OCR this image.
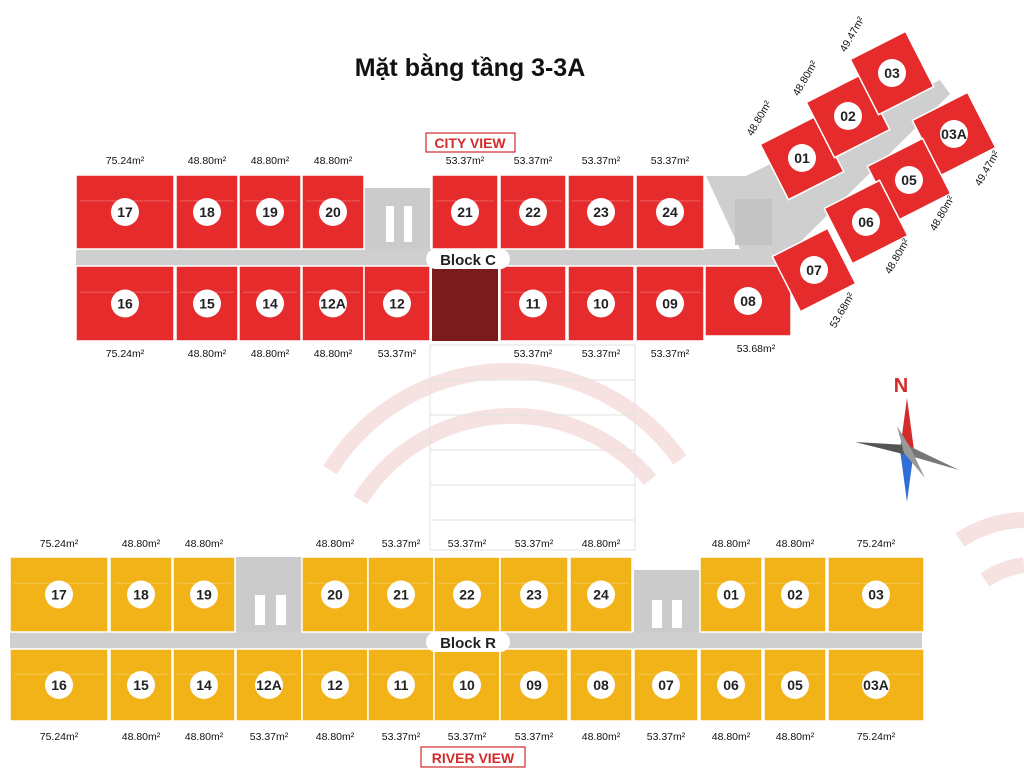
Mặt bằng tầng 3-3A
17
75.24m²
18
48.80m²
19
48.80m²
20
48.80m²
21
53.37m²
22
53.37m²
23
53.37m²
24
53.37m²
16
75.24m²
15
48.80m²
14
48.80m²
12A
48.80m²
12
53.37m²
11
53.37m²
10
53.37m²
09
53.37m²
08
53.68m²
01
48.80m²	02
48.80m²	03
49.47m²
03A
49.47m²
05
48.80m²
06
48.80m²
07
53.68m²
Block C
CITY VIEW
17
75.24m²
18
48.80m²
19
48.80m²
20
48.80m²
21
53.37m²
22
53.37m²
23
53.37m²
24
48.80m²
01
48.80m²
02
48.80m²
03
75.24m²
16
75.24m²
15
48.80m²
14
48.80m²
12A
53.37m²
12
48.80m²
11
53.37m²
10
53.37m²
09
53.37m²
08
48.80m²
07
53.37m²
06
48.80m²
05
48.80m²
03A
75.24m²
Block R
RIVER VIEW
N
